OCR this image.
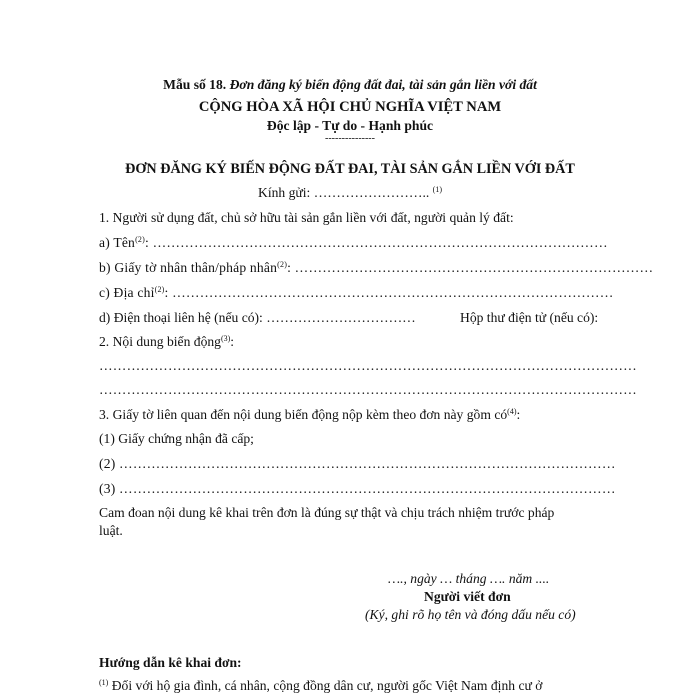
Mẫu số 18. Đơn đăng ký biến động đất đai, tài sản gắn liền với đất
CỘNG HÒA XÃ HỘI CHỦ NGHĨA VIỆT NAM
Độc lập - Tự do - Hạnh phúc
---------------
ĐƠN ĐĂNG KÝ BIẾN ĐỘNG ĐẤT ĐAI, TÀI SẢN GẮN LIỀN VỚI ĐẤT
Kính gửi: …………………….. $^{(1)}$
1. Người sử dụng đất, chủ sở hữu tài sản gắn liền với đất, người quản lý đất:
a) Tên$^{(2)}$: ………………………………………………………………………………………
b) Giấy tờ nhân thân/pháp nhân$^{(2)}$: ……………………………………………………………………
c) Địa chỉ$^{(2)}$: ……………………………………………………………………………………
d) Điện thoại liên hệ (nếu có): ……………………………	Hộp thư điện tử (nếu có):
2. Nội dung biến động$^{(3)}$:
………………………………………………………………………………………………………
………………………………………………………………………………………………………
3. Giấy tờ liên quan đến nội dung biến động nộp kèm theo đơn này gồm $có^{(4)}$:
(1) Giấy chứng nhận đã cấp;
(2) ………………………………………………………………………………………………
(3) ………………………………………………………………………………………………
Cam đoan nội dung kê khai trên đơn là đúng sự thật và chịu trách nhiệm trước pháp
luật.
…., ngày … tháng …. năm ....
Người viết đơn
(Ký, ghi rõ họ tên và đóng dấu nếu có)
Hướng dẫn kê khai đơn:
$^{(1)}$ Đối với hộ gia đình, cá nhân, cộng đồng dân cư, người gốc Việt Nam định cư ở
